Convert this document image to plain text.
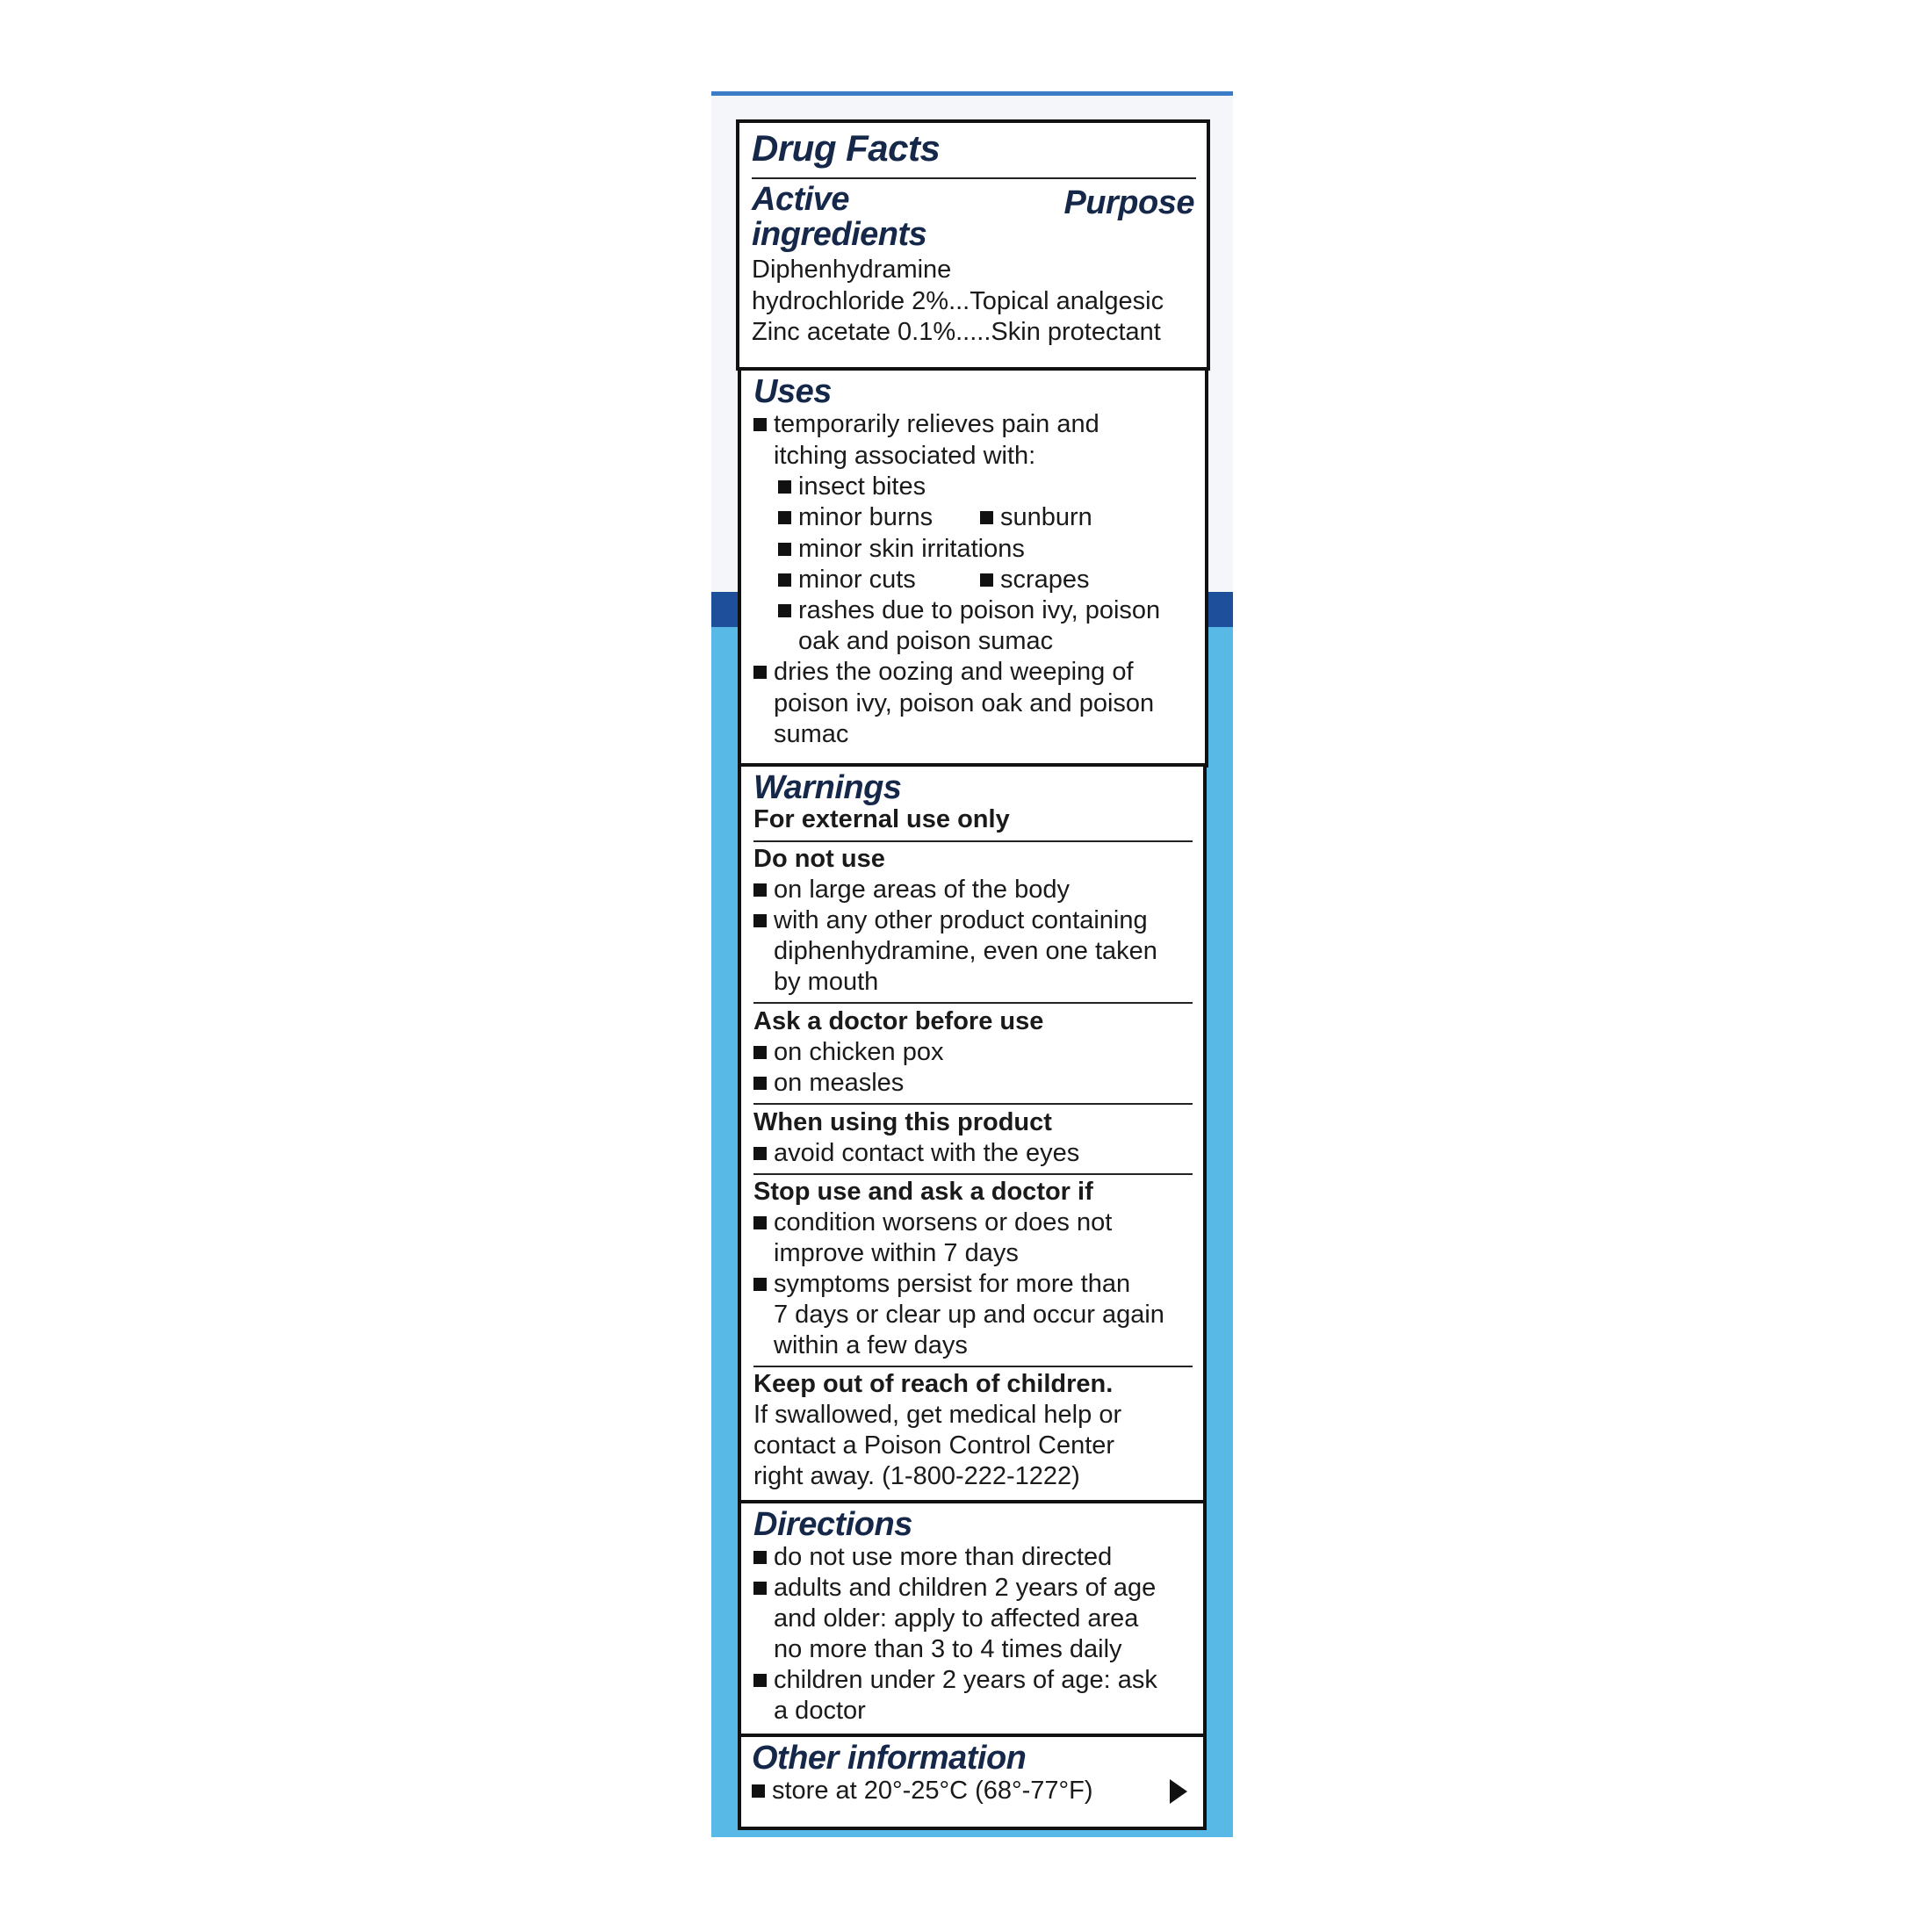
Drug Facts
Active
ingredients
Purpose
Diphenhydramine
hydrochloride 2%...Topical analgesic
Zinc acetate 0.1%.....Skin protectant
Uses
temporarily relieves pain and
itching associated with:
insect bites
minor burns	sunburn
minor skin irritations
minor cuts	scrapes
rashes due to poison ivy, poison
oak and poison sumac
dries the oozing and weeping of
poison ivy, poison oak and poison
sumac
Warnings
For external use only
Do not use
on large areas of the body
with any other product containing
diphenhydramine, even one taken
by mouth
Ask a doctor before use
on chicken pox
on measles
When using this product
avoid contact with the eyes
Stop use and ask a doctor if
condition worsens or does not
improve within 7 days
symptoms persist for more than
7 days or clear up and occur again
within a few days
Keep out of reach of children.
If swallowed, get medical help or
contact a Poison Control Center
right away. (1-800-222-1222)
Directions
do not use more than directed
adults and children 2 years of age
and older: apply to affected area
no more than 3 to 4 times daily
children under 2 years of age: ask
a doctor
Other information
store at 20°-25°C (68°-77°F)
